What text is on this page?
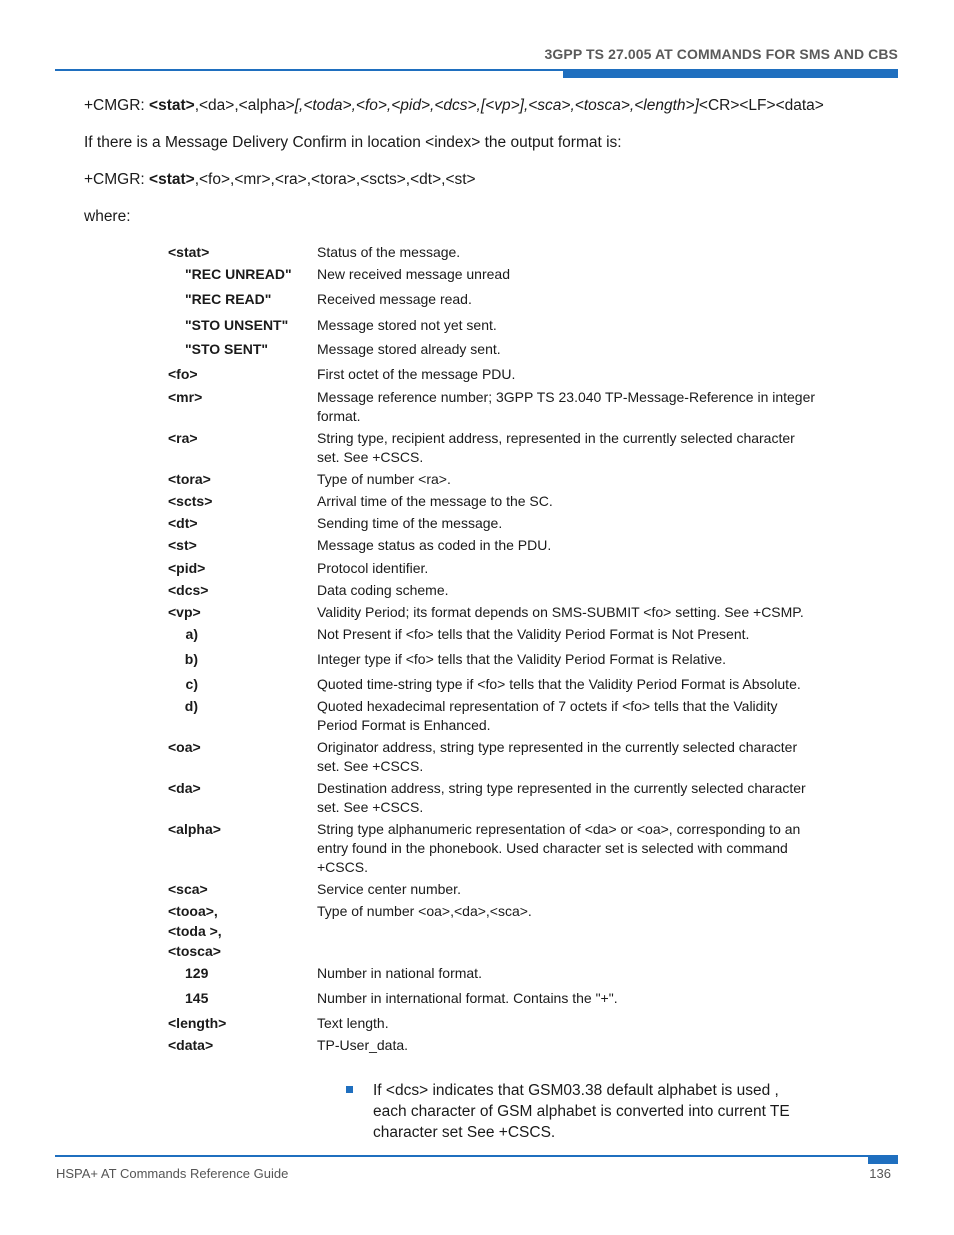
3GPP TS 27.005 AT COMMANDS FOR SMS AND CBS
+CMGR: <stat>,<da>,<alpha>[,<toda>,<fo>,<pid>,<dcs>,[<vp>],<sca>,<tosca>,<length>]<CR><LF><data>
If there is a Message Delivery Confirm in location <index> the output format is:
+CMGR: <stat>,<fo>,<mr>,<ra>,<tora>,<scts>,<dt>,<st>
where:
<stat>	Status of the message.
"REC UNREAD"	New received message unread
"REC READ"	Received message read.
"STO UNSENT"	Message stored not yet sent.
"STO SENT"	Message stored already sent.
<fo>	First octet of the message PDU.
<mr>	Message reference number; 3GPP TS 23.040 TP-Message-Reference in integer format.
<ra>	String type, recipient address, represented in the currently selected character set. See +CSCS.
<tora>	Type of number <ra>.
<scts>	Arrival time of the message to the SC.
<dt>	Sending time of the message.
<st>	Message status as coded in the PDU.
<pid>	Protocol identifier.
<dcs>	Data coding scheme.
<vp>	Validity Period; its format depends on SMS-SUBMIT <fo> setting. See +CSMP.
a)	Not Present if <fo> tells that the Validity Period Format is Not Present.
b)	Integer type if <fo> tells that the Validity Period Format is Relative.
c)	Quoted time-string type if <fo> tells that the Validity Period Format is Absolute.
d)	Quoted hexadecimal representation of 7 octets if <fo> tells that the Validity Period Format is Enhanced.
<oa>	Originator address, string type represented in the currently selected character set. See +CSCS.
<da>	Destination address, string type represented in the currently selected character set. See +CSCS.
<alpha>	String type alphanumeric representation of <da> or <oa>, corresponding to an entry found in the phonebook. Used character set is selected with command +CSCS.
<sca>	Service center number.
<tooa>,	Type of number <oa>,<da>,<sca>.
<toda >,
<tosca>
129	Number in national format.
145	Number in international format. Contains the "+".
<length>	Text length.
<data>	TP-User_data.
If <dcs> indicates that GSM03.38 default alphabet is used , each character of GSM alphabet is converted into current TE character set See +CSCS.
HSPA+ AT Commands Reference Guide	136
